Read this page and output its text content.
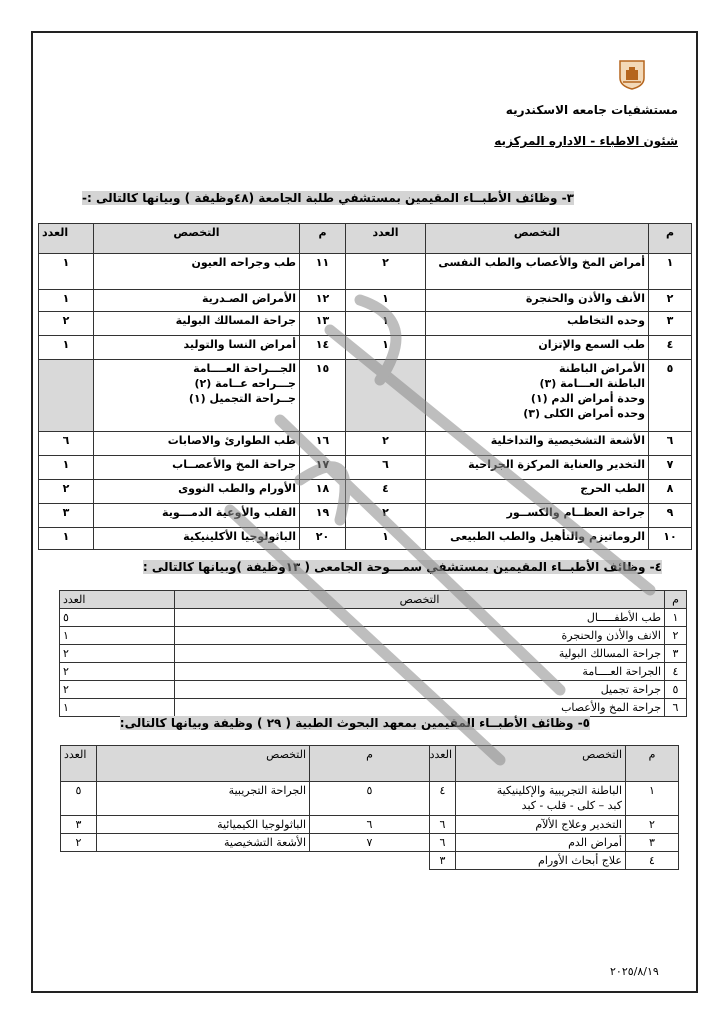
مستشفيات جامعه الاسكندريه
شئون الاطباء - الاداره المركزيه
٣- وظائف الأطبــاء المقيمين بمستشفي طلبة الجامعة (٤٨وظيفة ) وبيانها كالتالى :-
م	التخصص	العدد	م	التخصص	العدد
١	أمراض المخ والأعصاب والطب النفسى	٢	١١	طب وجراحه العيون	١
٢	الأنف والأذن والحنجرة	١	١٢	الأمراض الصـدرية	١
٣	وحده التخاطب	١	١٣	جراحة المسالك البولية	٢
٤	طب السمع والإتزان	١	١٤	أمراض النسا والتوليد	١
٥	الأمراض الباطنة
الباطنة العـــامة (٣)
وحدة أمراض الدم (١)
وحده أمراض الكلى (٣)		١٥	الجـــراحة العــــامة
جـــراحه عــامة (٢)
جــراحة التجميل (١)	
٦	الأشعة التشخيصية والتداخلية	٢	١٦	طب الطوارئ والاصابات	٦
٧	التخدير والعناية المركزة الجراحية	٦	١٧	جراحة المخ والأعصــاب	١
٨	الطب الحرج	٤	١٨	الأورام والطب النووى	٢
٩	جراحة العظــام والكســور	٢	١٩	القلب والأوعية الدمـــوية	٣
١٠	الروماتيزم والتأهيل والطب الطبيعى	١	٢٠	الباثولوجيا الأكلينيكية	١
٤- وظائف الأطبــاء المقيمين بمستشفي سمـــوحة الجامعى ( ١٣وظيفة )وبيانها كالتالى :
م	التخصص	العدد
١	طب الأطفـــــال	٥
٢	الانف والأذن والحنجرة	١
٣	جراحة المسالك البولية	٢
٤	الجراحة العــــامة	٢
٥	جراحة تجميل	٢
٦	جراحة المخ والأعصاب	١
٥- وظائف الأطبــاء المقيمين بمعهد البحوث الطبية ( ٢٩ ) وظيفة وبيانها كالتالى:
م	التخصص	العدد	م	التخصص	العدد
١	الباطنة التجريبية والإكلينيكية
كبد – كلى - قلب - كبد	٤	٥	الجراحة التجريبية	٥
٢	التخدير وعلاج الألآم	٦	٦	الباثولوجيا الكيميائية	٣
٣	أمراض الدم	٦	٧	الأشعة التشخيصية	٢
٤	علاج أبحاث الأورام	٣			
٢٠٢٥/٨/١٩
